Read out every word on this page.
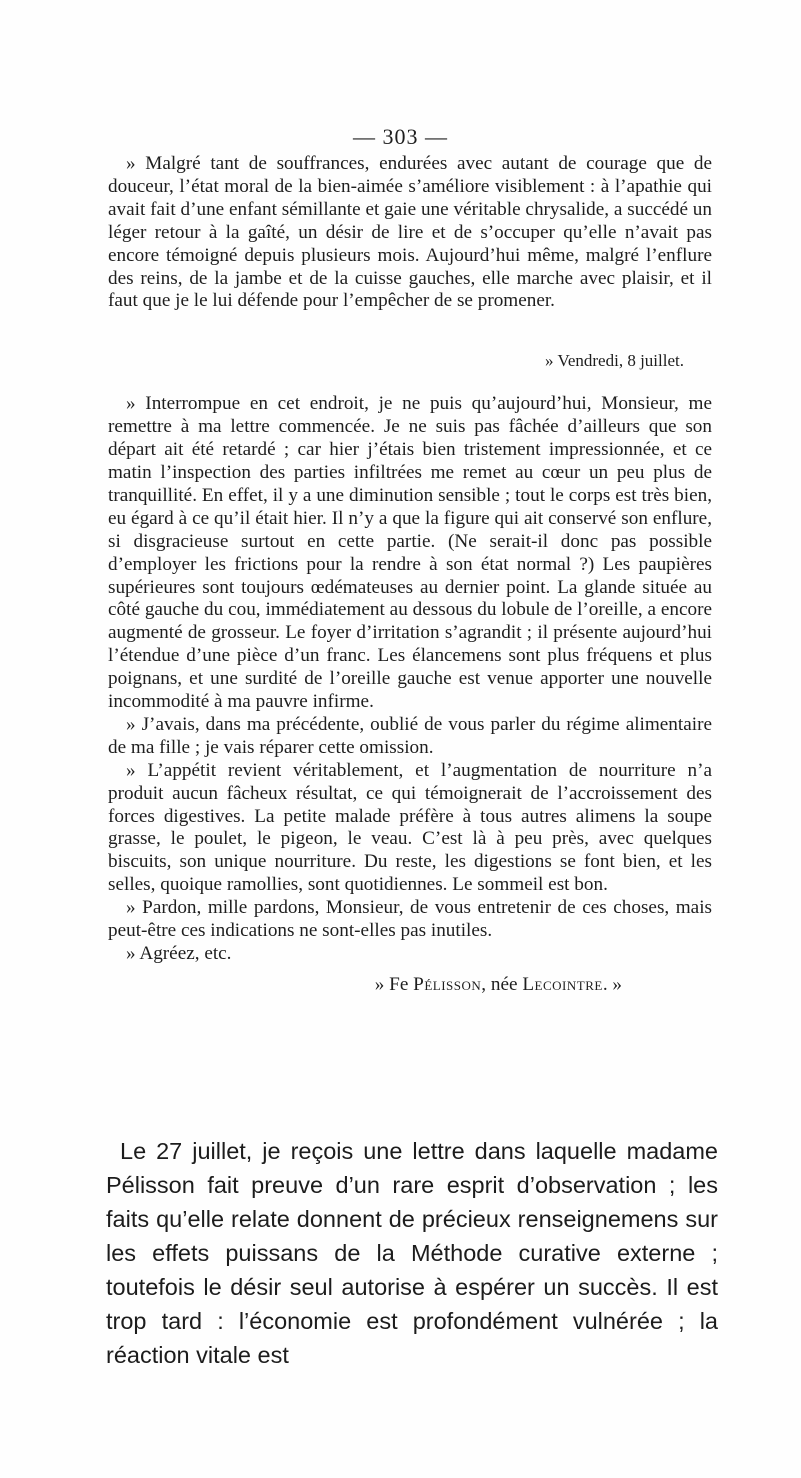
— 303 —

» Malgré tant de souffrances, endurées avec autant de courage que de douceur, l’état moral de la bien-aimée s’améliore visiblement : à l’apathie qui avait fait d’une enfant sémillante et gaie une véritable chrysalide, a succédé un léger retour à la gaîté, un désir de lire et de s’occuper qu’elle n’avait pas encore témoigné depuis plusieurs mois. Aujourd’hui même, malgré l’enflure des reins, de la jambe et de la cuisse gauches, elle marche avec plaisir, et il faut que je le lui défende pour l’empêcher de se promener.

» Vendredi, 8 juillet.

» Interrompue en cet endroit, je ne puis qu’aujourd’hui, Monsieur, me remettre à ma lettre commencée. Je ne suis pas fâchée d’ailleurs que son départ ait été retardé ; car hier j’étais bien tristement impressionnée, et ce matin l’inspection des parties infiltrées me remet au cœur un peu plus de tranquillité. En effet, il y a une diminution sensible ; tout le corps est très bien, eu égard à ce qu’il était hier. Il n’y a que la figure qui ait conservé son enflure, si disgracieuse surtout en cette partie. (Ne serait-il donc pas possible d’employer les frictions pour la rendre à son état normal ?) Les paupières supérieures sont toujours œdémateuses au dernier point. La glande située au côté gauche du cou, immédiatement au dessous du lobule de l’oreille, a encore augmenté de grosseur. Le foyer d’irritation s’agrandit ; il présente aujourd’hui l’étendue d’une pièce d’un franc. Les élancemens sont plus fréquens et plus poignans, et une surdité de l’oreille gauche est venue apporter une nouvelle incommodité à ma pauvre infirme.

» J’avais, dans ma précédente, oublié de vous parler du régime alimentaire de ma fille ; je vais réparer cette omission.

» L’appétit revient véritablement, et l’augmentation de nourriture n’a produit aucun fâcheux résultat, ce qui témoignerait de l’accroissement des forces digestives. La petite malade préfère à tous autres alimens la soupe grasse, le poulet, le pigeon, le veau. C’est là à peu près, avec quelques biscuits, son unique nourriture. Du reste, les digestions se font bien, et les selles, quoique ramollies, sont quotidiennes. Le sommeil est bon.

» Pardon, mille pardons, Monsieur, de vous entretenir de ces choses, mais peut-être ces indications ne sont-elles pas inutiles.

» Agréez, etc.

» Fe Pélisson, née Lecointre. »

Le 27 juillet, je reçois une lettre dans laquelle madame Pélisson fait preuve d’un rare esprit d’observation ; les faits qu’elle relate donnent de précieux renseignemens sur les effets puissans de la Méthode curative externe ; toutefois le désir seul autorise à espérer un succès. Il est trop tard : l’économie est profondément vulnérée ; la réaction vitale est
